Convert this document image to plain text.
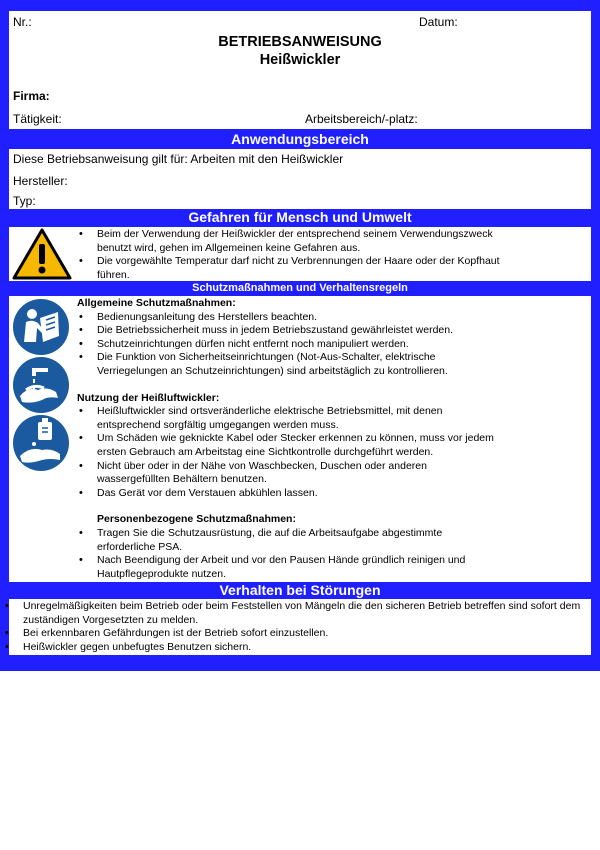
Nr.:	Datum:
BETRIEBSANWEISUNG
Heißwickler
Firma:
Tätigkeit:	Arbeitsbereich/-platz:
Anwendungsbereich
Diese Betriebsanweisung gilt für: Arbeiten mit den Heißwickler
Hersteller:
Typ:
Gefahren für Mensch und Umwelt
• Beim der Verwendung der Heißwickler der entsprechend seinem Verwendungszweck benutzt wird, gehen im Allgemeinen keine Gefahren aus.
• Die vorgewählte Temperatur darf nicht zu Verbrennungen der Haare oder der Kopfhaut führen.
Schutzmaßnahmen und Verhaltensregeln
Allgemeine Schutzmaßnahmen:
• Bedienungsanleitung des Herstellers beachten.
• Die Betriebssicherheit muss in jedem Betriebszustand gewährleistet werden.
• Schutzeinrichtungen dürfen nicht entfernt noch manipuliert werden.
• Die Funktion von Sicherheitseinrichtungen (Not-Aus-Schalter, elektrische Verriegelungen an Schutzeinrichtungen) sind arbeitstäglich zu kontrollieren.
Nutzung der Heißluftwickler:
• Heißluftwickler sind ortsveränderliche elektrische Betriebsmittel, mit denen entsprechend sorgfältig umgegangen werden muss.
• Um Schäden wie geknickte Kabel oder Stecker erkennen zu können, muss vor jedem ersten Gebrauch am Arbeitstag eine Sichtkontrolle durchgeführt werden.
• Nicht über oder in der Nähe von Waschbecken, Duschen oder anderen wassergefüllten Behältern benutzen.
• Das Gerät vor dem Verstauen abkühlen lassen.
Personenbezogene Schutzmaßnahmen:
• Tragen Sie die Schutzausrüstung, die auf die Arbeitsaufgabe abgestimmte erforderliche PSA.
• Nach Beendigung der Arbeit und vor den Pausen Hände gründlich reinigen und Hautpflegeprodukte nutzen.
Verhalten bei Störungen
• Unregelmäßigkeiten beim Betrieb oder beim Feststellen von Mängeln die den sicheren Betrieb betreffen sind sofort dem zuständigen Vorgesetzten zu melden.
• Bei erkennbaren Gefährdungen ist der Betrieb sofort einzustellen.
• Heißwickler gegen unbefugtes Benutzen sichern.
